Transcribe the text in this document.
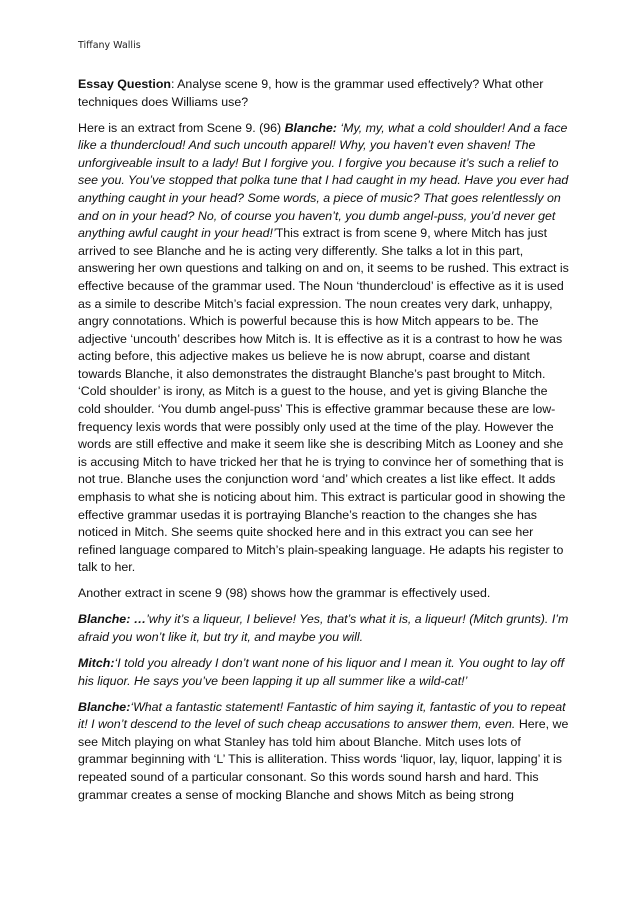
Tiffany Wallis

Essay Question: Analyse scene 9, how is the grammar used effectively? What other techniques does Williams use?

Here is an extract from Scene 9. (96) Blanche: ‘My, my, what a cold shoulder! And a face like a thundercloud! And such uncouth apparel! Why, you haven’t even shaven! The unforgiveable insult to a lady! But I forgive you. I forgive you because it’s such a relief to see you. You’ve stopped that polka tune that I had caught in my head. Have you ever had anything caught in your head? Some words, a piece of music? That goes relentlessly on and on in your head? No, of course you haven’t, you dumb angel-puss, you’d never get anything awful caught in your head!’This extract is from scene 9, where Mitch has just arrived to see Blanche and he is acting very differently. She talks a lot in this part, answering her own questions and talking on and on, it seems to be rushed. This extract is effective because of the grammar used. The Noun ‘thundercloud’ is effective as it is used as a simile to describe Mitch’s facial expression. The noun creates very dark, unhappy, angry connotations. Which is powerful because this is how Mitch appears to be. The adjective ‘uncouth’ describes how Mitch is. It is effective as it is a contrast to how he was acting before, this adjective makes us believe he is now abrupt, coarse and distant towards Blanche, it also demonstrates the distraught Blanche’s past brought to Mitch. ‘Cold shoulder’ is irony, as Mitch is a guest to the house, and yet is giving Blanche the cold shoulder. ‘You dumb angel-puss’ This is effective grammar because these are low-frequency lexis words that were possibly only used at the time of the play. However the words are still effective and make it seem like she is describing Mitch as Looney and she is accusing Mitch to have tricked her that he is trying to convince her of something that is not true. Blanche uses the conjunction word ‘and’ which creates a list like effect. It adds emphasis to what she is noticing about him. This extract is particular good in showing the effective grammar usedas it is portraying Blanche’s reaction to the changes she has noticed in Mitch. She seems quite shocked here and in this extract you can see her refined language compared to Mitch’s plain-speaking language. He adapts his register to talk to her.

Another extract in scene 9 (98) shows how the grammar is effectively used.

Blanche: …’why it’s a liqueur, I believe! Yes, that’s what it is, a liqueur! (Mitch grunts). I’m afraid you won’t like it, but try it, and maybe you will.

Mitch:‘I told you already I don’t want none of his liquor and I mean it. You ought to lay off his liquor. He says you’ve been lapping it up all summer like a wild-cat!’

Blanche:‘What a fantastic statement! Fantastic of him saying it, fantastic of you to repeat it! I won’t descend to the level of such cheap accusations to answer them, even. Here, we see Mitch playing on what Stanley has told him about Blanche. Mitch uses lots of grammar beginning with ‘L’ This is alliteration. Thiss words ‘liquor, lay, liquor, lapping’ it is repeated sound of a particular consonant. So this words sound harsh and hard. This grammar creates a sense of mocking Blanche and shows Mitch as being strong
